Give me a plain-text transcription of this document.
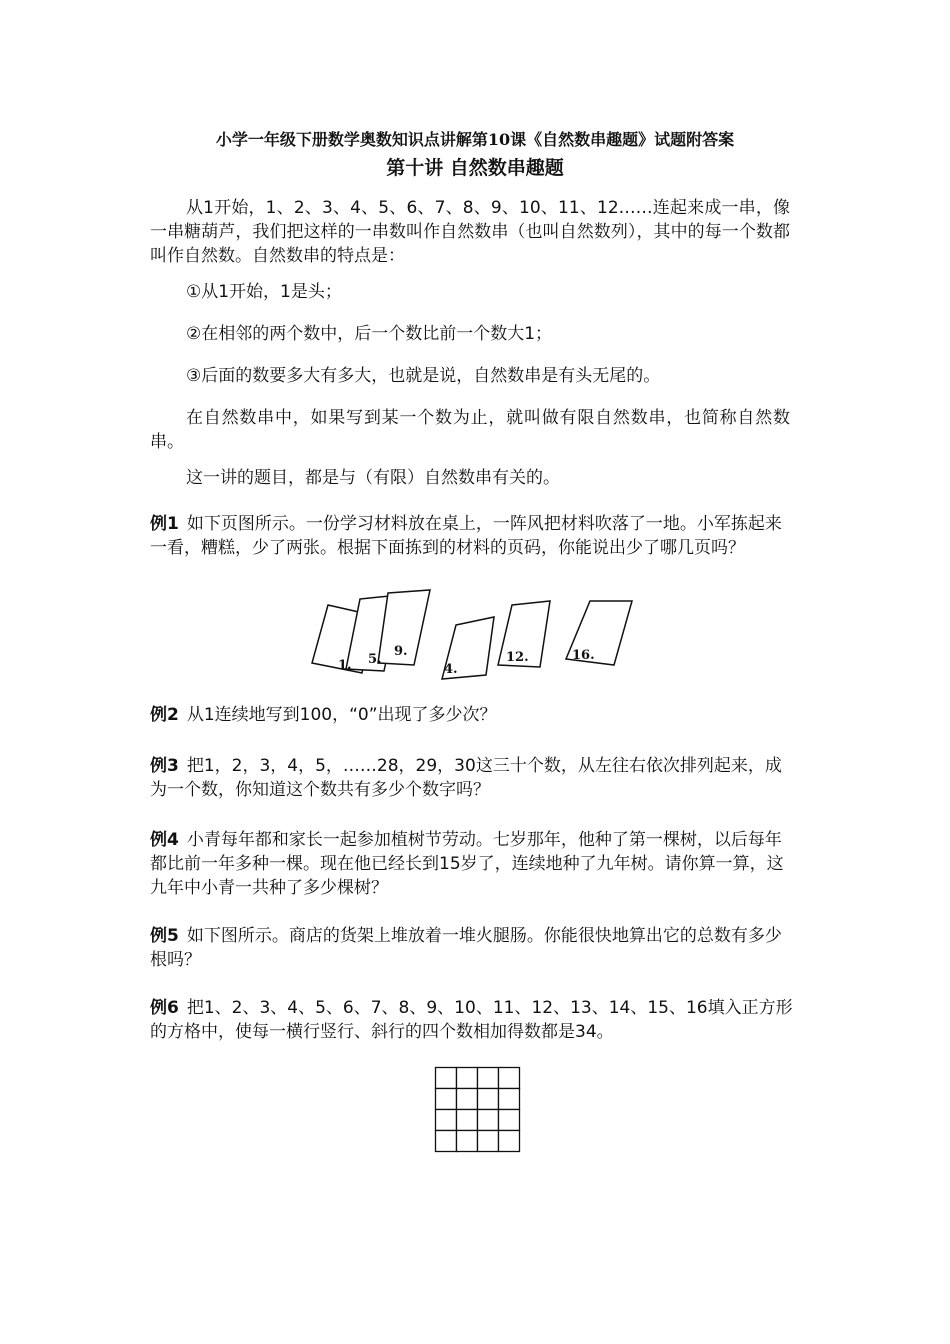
小学一年级下册数学奥数知识点讲解第10课《自然数串趣题》试题附答案
第十讲 自然数串趣题

从1开始，1、2、3、4、5、6、7、8、9、10、11、12……连起来成一串，像一串糖葫芦，我们把这样的一串数叫作自然数串（也叫自然数列），其中的每一个数都叫作自然数。自然数串的特点是：

①从1开始，1是头；
②在相邻的两个数中，后一个数比前一个数大1；
③后面的数要多大有多大，也就是说，自然数串是有头无尾的。

在自然数串中，如果写到某一个数为止，就叫做有限自然数串，也简称自然数串。

这一讲的题目，都是与（有限）自然数串有关的。

例1 如下页图所示。一份学习材料放在桌上，一阵风把材料吹落了一地。小军拣起来一看，糟糕，少了两张。根据下面拣到的材料的页码，你能说出少了哪几页吗？

1. 5.
9.
4.
12.	16.

例2 从1连续地写到100，“0”出现了多少次？

例3 把1，2，3，4，5，……28，29，30这三十个数，从左往右依次排列起来，成为一个数，你知道这个数共有多少个数字吗？

例4 小青每年都和家长一起参加植树节劳动。七岁那年，他种了第一棵树，以后每年都比前一年多种一棵。现在他已经长到15岁了，连续地种了九年树。请你算一算，这九年中小青一共种了多少棵树？

例5 如下图所示。商店的货架上堆放着一堆火腿肠。你能很快地算出它的总数有多少根吗？

例6 把1、2、3、4、5、6、7、8、9、10、11、12、13、14、15、16填入正方形的方格中，使每一横行竖行、斜行的四个数相加得数都是34。
